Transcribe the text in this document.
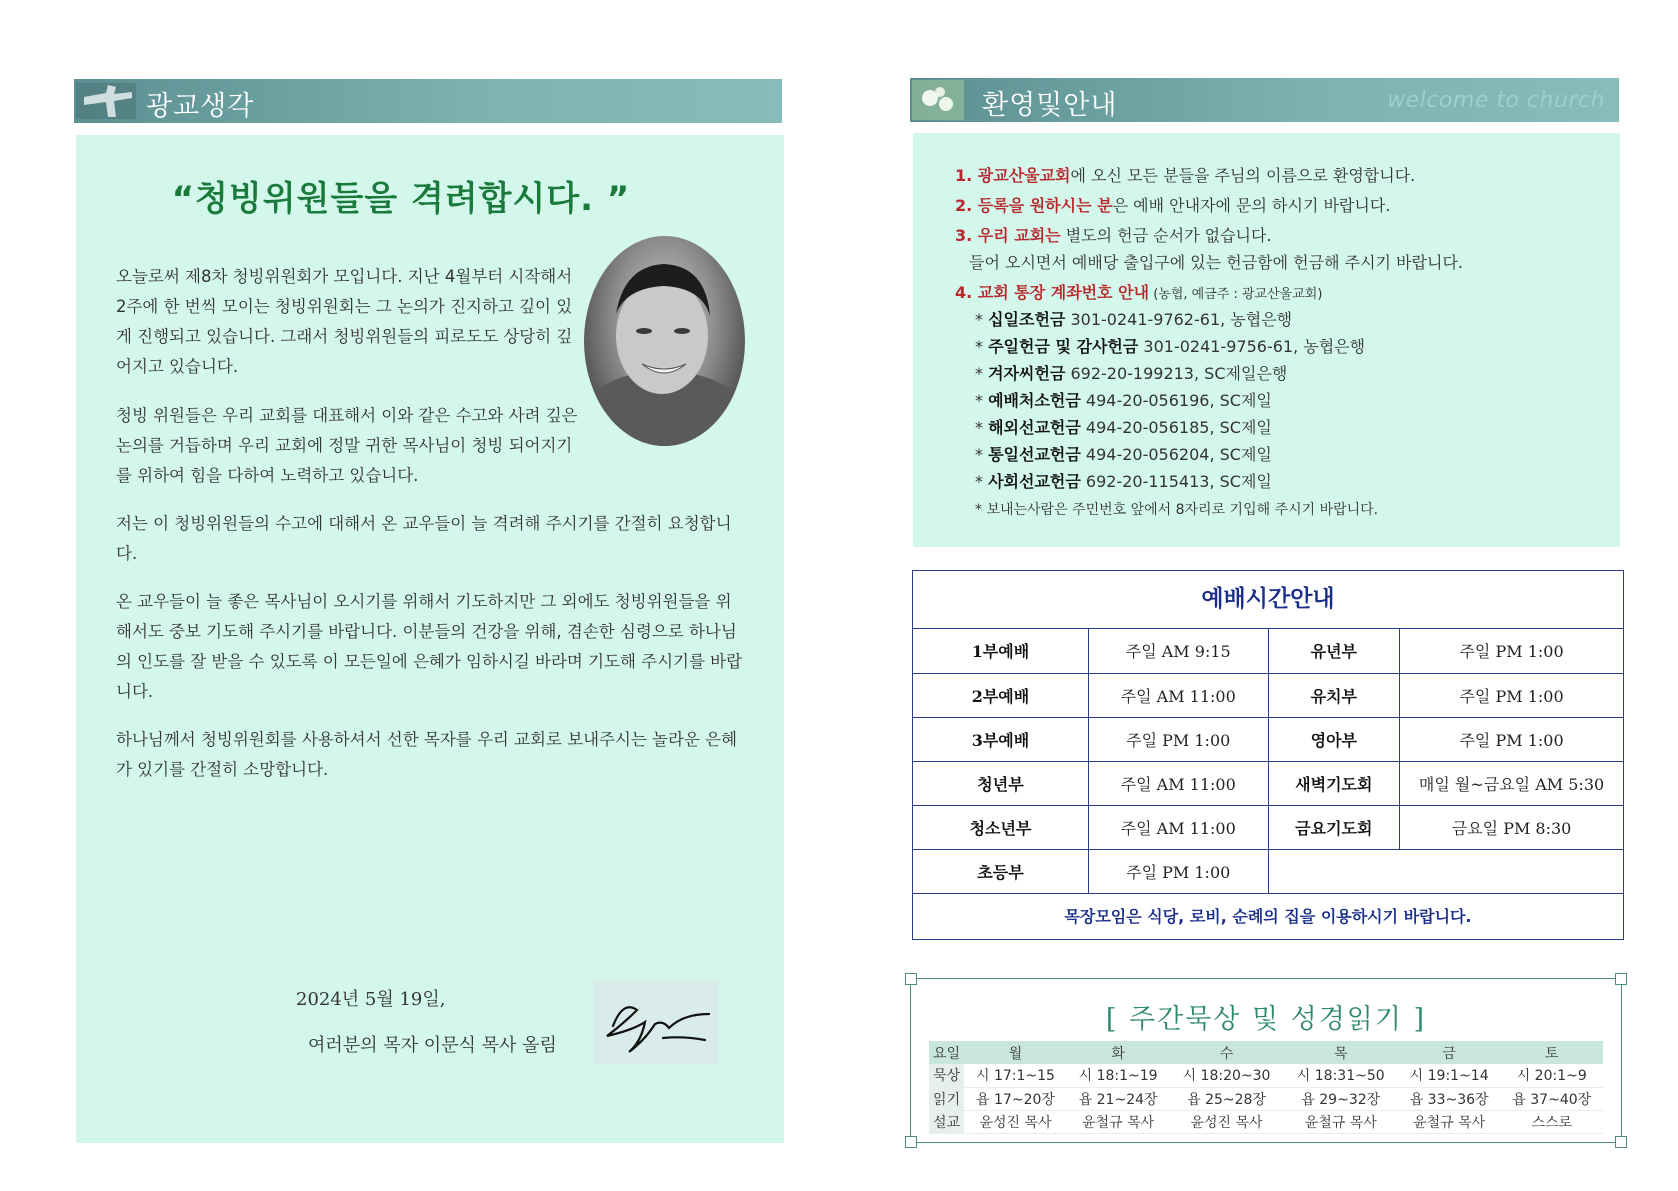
광교생각
“청빙위원들을 격려합시다. ”
오늘로써 제8차 청빙위원회가 모입니다. 지난 4월부터 시작해서 2주에 한 번씩 모이는 청빙위원회는 그 논의가 진지하고 깊이 있게 진행되고 있습니다. 그래서 청빙위원들의 피로도도 상당히 깊어지고 있습니다.
청빙 위원들은 우리 교회를 대표해서 이와 같은 수고와 사려 깊은 논의를 거듭하며 우리 교회에 정말 귀한 목사님이 청빙 되어지기를 위하여 힘을 다하여 노력하고 있습니다.
저는 이 청빙위원들의 수고에 대해서 온 교우들이 늘 격려해 주시기를 간절히 요청합니다.
온 교우들이 늘 좋은 목사님이 오시기를 위해서 기도하지만 그 외에도 청빙위원들을 위해서도 중보 기도해 주시기를 바랍니다. 이분들의 건강을 위해, 겸손한 심령으로 하나님의 인도를 잘 받을 수 있도록 이 모든일에 은혜가 임하시길 바라며 기도해 주시기를 바랍니다.
하나님께서 청빙위원회를 사용하셔서 선한 목자를 우리 교회로 보내주시는 놀라운 은혜가 있기를 간절히 소망합니다.
2024년 5월 19일,
여러분의 목자 이문식 목사 올림
환영및안내	welcome to church
1. 광교산울교회에 오신 모든 분들을 주님의 이름으로 환영합니다.
2. 등록을 원하시는 분은 예배 안내자에 문의 하시기 바랍니다.
3. 우리 교회는 별도의 헌금 순서가 없습니다.
들어 오시면서 예배당 출입구에 있는 헌금함에 헌금해 주시기 바랍니다.
4. 교회 통장 계좌번호 안내 (농협, 예금주 : 광교산울교회)
* 십일조헌금 301-0241-9762-61, 농협은행
* 주일헌금 및 감사헌금 301-0241-9756-61, 농협은행
* 겨자씨헌금 692-20-199213, SC제일은행
* 예배처소헌금 494-20-056196, SC제일
* 해외선교헌금 494-20-056185, SC제일
* 통일선교헌금 494-20-056204, SC제일
* 사회선교헌금 692-20-115413, SC제일
* 보내는사람은 주민번호 앞에서 8자리로 기입해 주시기 바랍니다.
예배시간안내
1부예배	주일 AM 9:15	유년부	주일 PM 1:00
2부예배	주일 AM 11:00	유치부	주일 PM 1:00
3부예배	주일 PM 1:00	영아부	주일 PM 1:00
청년부	주일 AM 11:00	새벽기도회	매일 월~금요일 AM 5:30
청소년부	주일 AM 11:00	금요기도회	금요일 PM 8:30
초등부	주일 PM 1:00		
목장모임은 식당, 로비, 순례의 집을 이용하시기 바랍니다.
[ 주간묵상 및 성경읽기 ]
요일	월	화	수	목	금	토
묵상	시 17:1~15	시 18:1~19	시 18:20~30	시 18:31~50	시 19:1~14	시 20:1~9
읽기	욥 17~20장	욥 21~24장	욥 25~28장	욥 29~32장	욥 33~36장	욥 37~40장
설교	윤성진 목사	윤철규 목사	윤성진 목사	윤철규 목사	윤철규 목사	스스로
